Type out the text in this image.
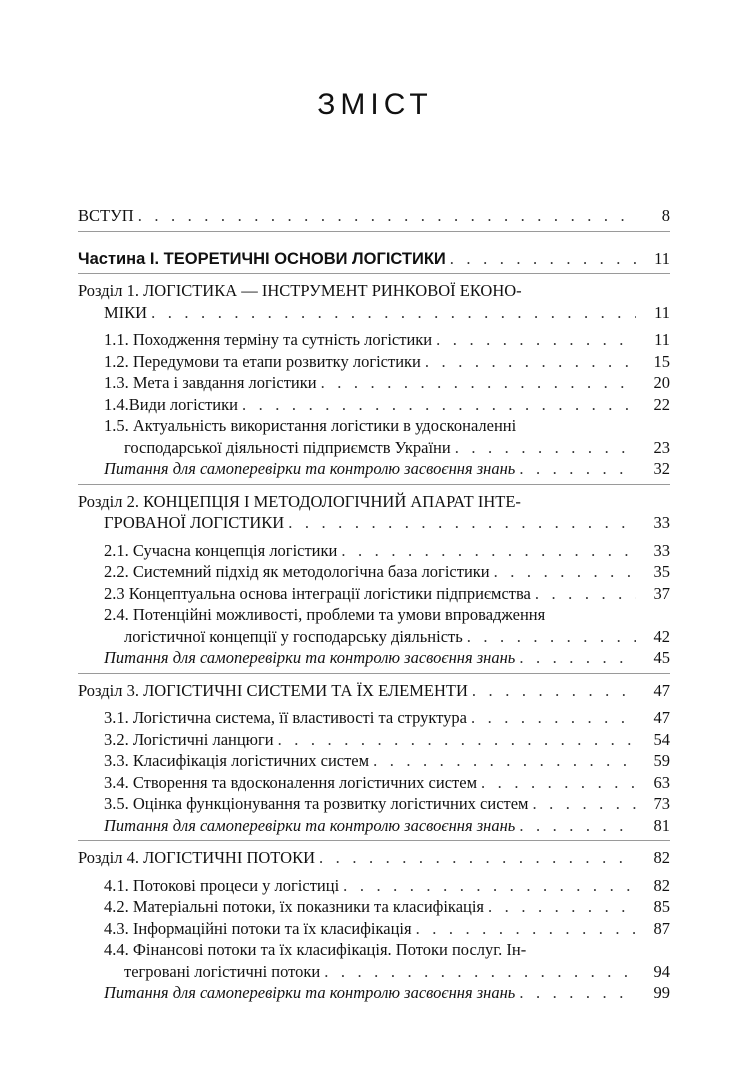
ЗМІСТ
ВСТУП . . .	8
Частина І. ТЕОРЕТИЧНІ ОСНОВИ ЛОГІСТИКИ . . .	11
Розділ 1. ЛОГІСТИКА — ІНСТРУМЕНТ РИНКОВОЇ ЕКОНО-
МІКИ . . .	11
1.1. Походження терміну та сутність логістики . . .	11
1.2. Передумови та етапи розвитку логістики . . .	15
1.3. Мета і завдання логістики . . .	20
1.4.Види логістики . . .	22
1.5. Актуальність використання логістики в удосконаленні
господарської діяльності підприємств України . . .	23
Питання для самоперевірки та контролю засвоєння знань . . .	32
Розділ 2. КОНЦЕПЦІЯ І МЕТОДОЛОГІЧНИЙ АПАРАТ ІНТЕ-
ГРОВАНОЇ ЛОГІСТИКИ . . .	33
2.1. Сучасна концепція логістики . . .	33
2.2. Системний підхід як методологічна база логістики . . .	35
2.3 Концептуальна основа інтеграції логістики підприємства . . .	37
2.4. Потенційні можливості, проблеми та умови впровадження
логістичної концепції у господарську діяльність . . .	42
Питання для самоперевірки та контролю засвоєння знань . . .	45
Розділ 3. ЛОГІСТИЧНІ СИСТЕМИ ТА ЇХ ЕЛЕМЕНТИ . . .	47
3.1. Логістична система, її властивості та структура . . .	47
3.2. Логістичні ланцюги . . .	54
3.3. Класифікація логістичних систем . . .	59
3.4. Створення та вдосконалення логістичних систем . . .	63
3.5. Оцінка функціонування та розвитку логістичних систем . . .	73
Питання для самоперевірки та контролю засвоєння знань . . .	81
Розділ 4. ЛОГІСТИЧНІ ПОТОКИ . . .	82
4.1. Потокові процеси у логістиці . . .	82
4.2. Матеріальні потоки, їх показники та класифікація . . .	85
4.3. Інформаційні потоки та їх класифікація . . .	87
4.4. Фінансові потоки та їх класифікація. Потоки послуг. Ін-
тегровані логістичні потоки . . .	94
Питання для самоперевірки та контролю засвоєння знань . . .	99
